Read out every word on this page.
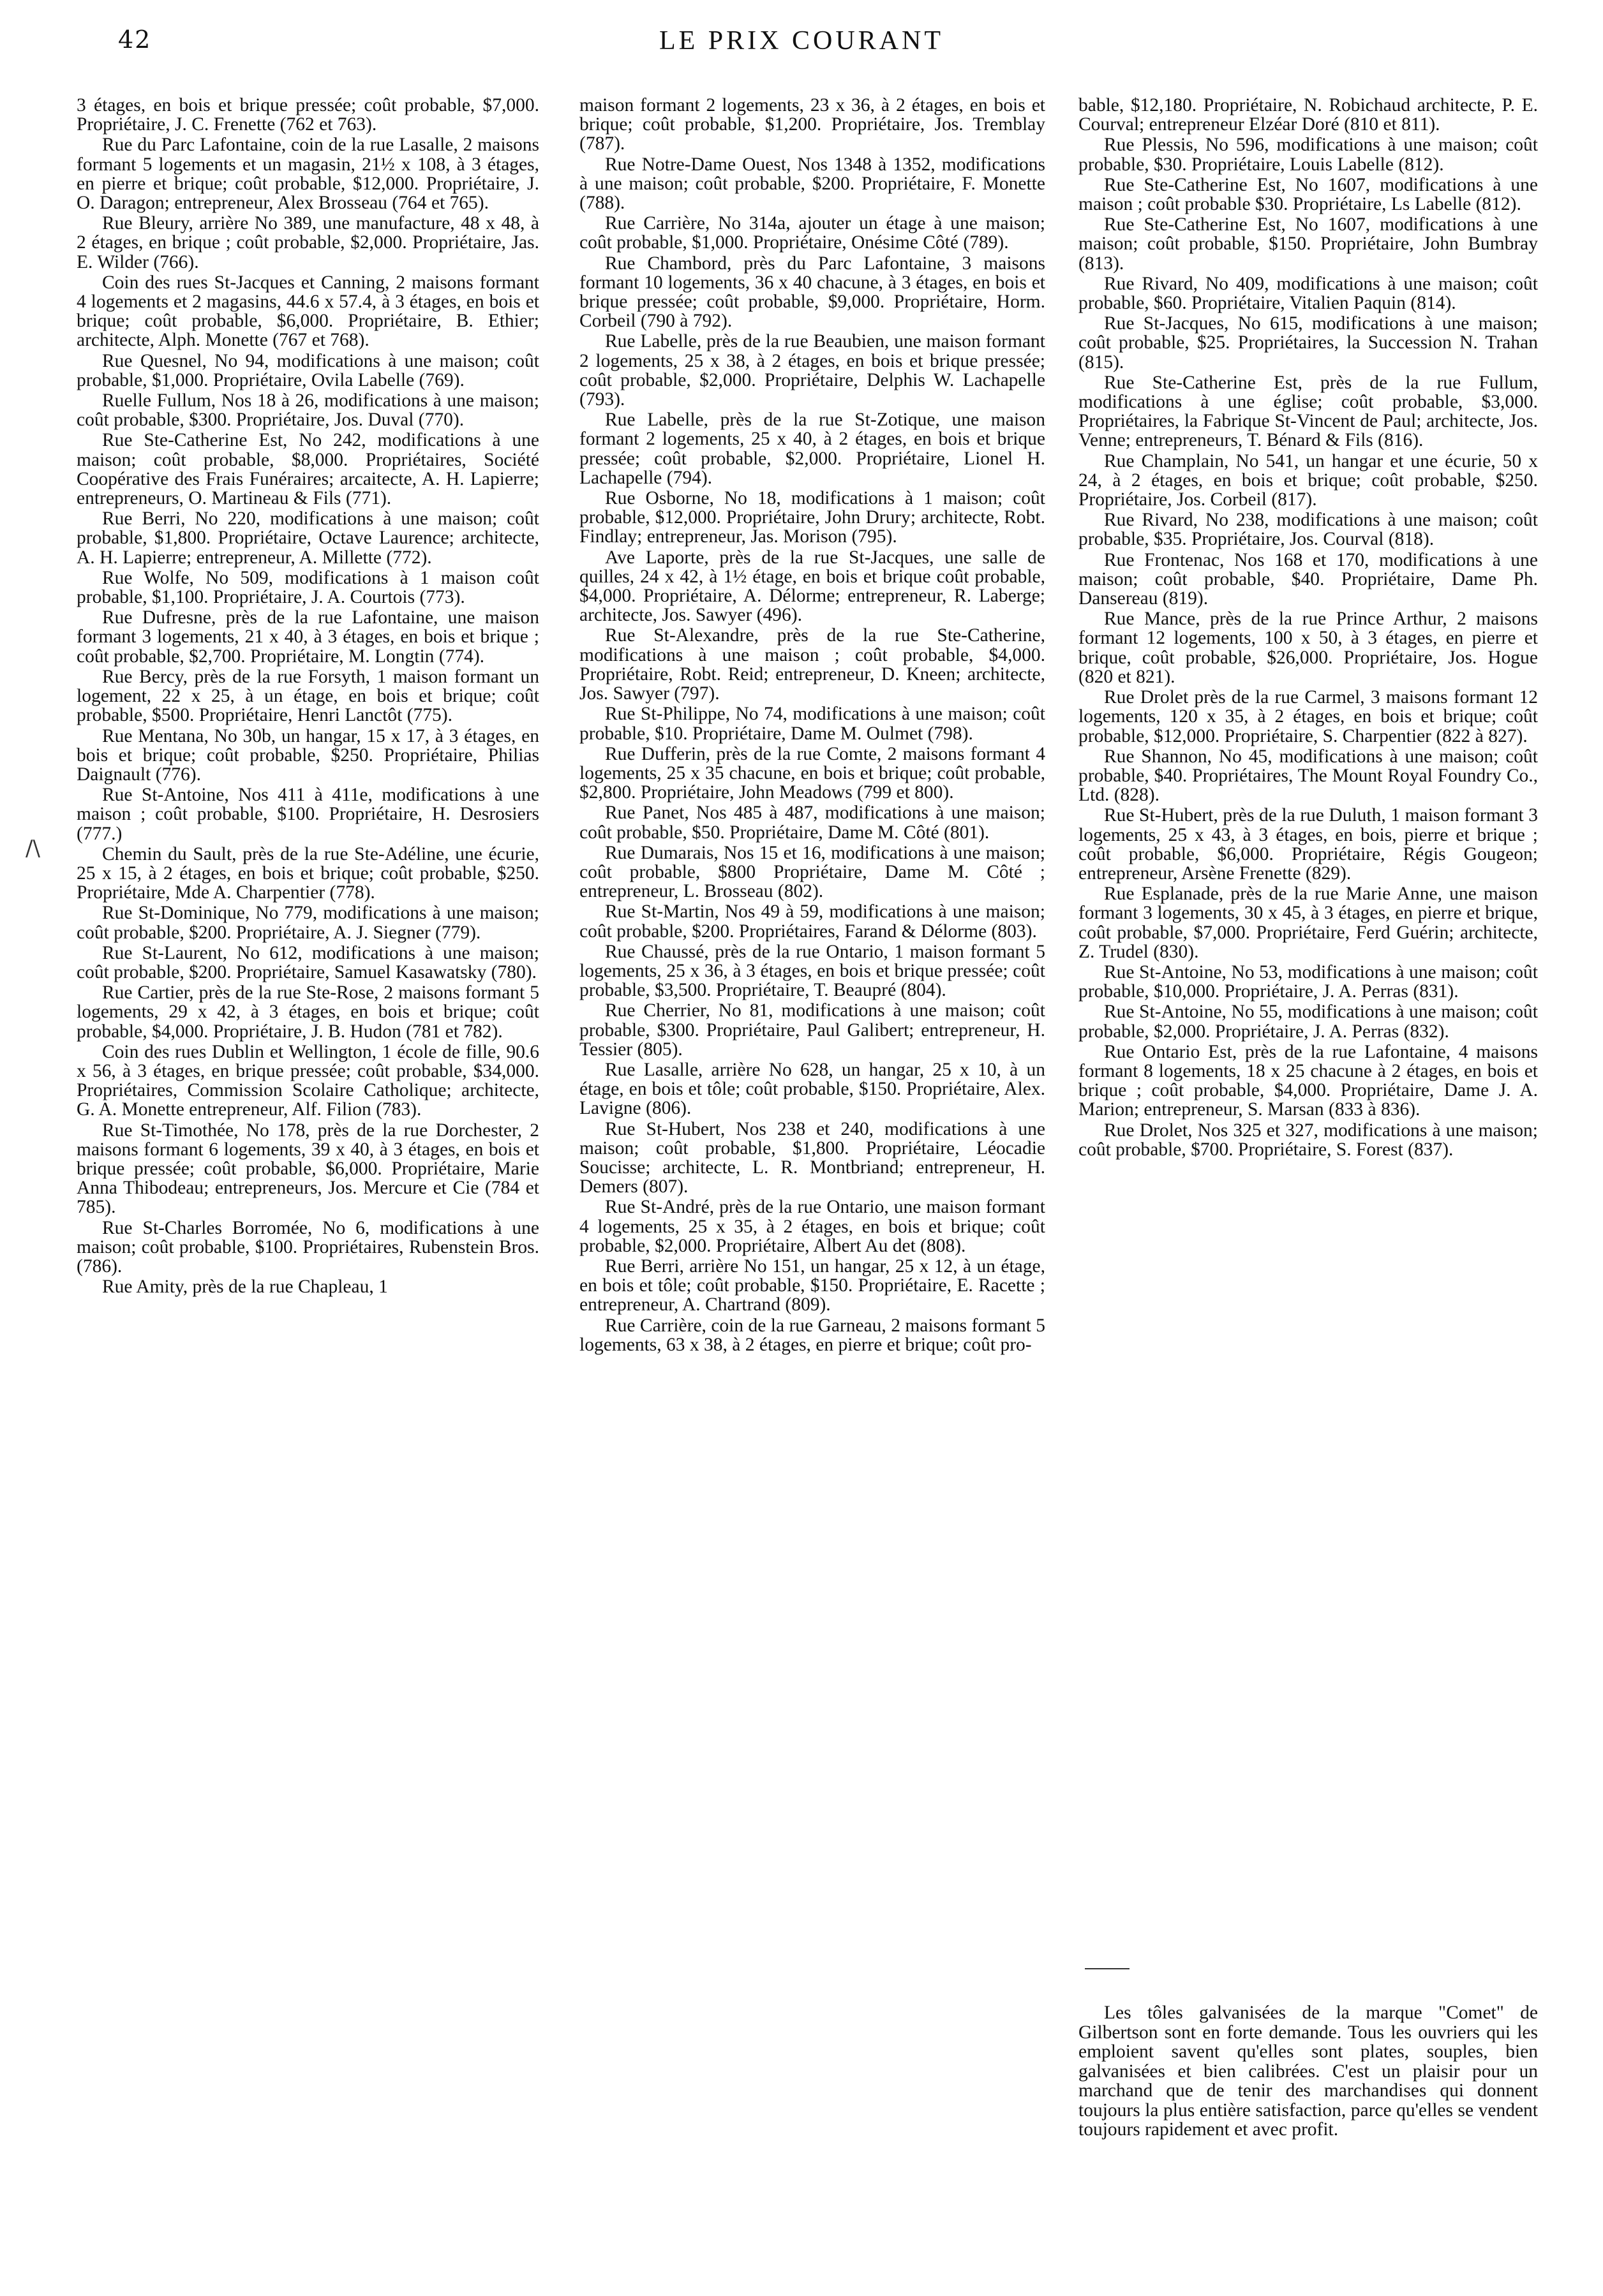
42	LE PRIX COURANT
/\

3 étages, en bois et brique pressée; coût probable, $7,000. Propriétaire, J. C. Frenette (762 et 763).

Rue du Parc Lafontaine, coin de la rue Lasalle, 2 maisons formant 5 logements et un magasin, 21½ x 108, à 3 étages, en pierre et brique; coût probable, $12,000. Propriétaire, J. O. Daragon; entrepreneur, Alex Brosseau (764 et 765).

Rue Bleury, arrière No 389, une manufacture, 48 x 48, à 2 étages, en brique ; coût probable, $2,000. Propriétaire, Jas. E. Wilder (766).

Coin des rues St-Jacques et Canning, 2 maisons formant 4 logements et 2 magasins, 44.6 x 57.4, à 3 étages, en bois et brique; coût probable, $6,000. Propriétaire, B. Ethier; architecte, Alph. Monette (767 et 768).

Rue Quesnel, No 94, modifications à une maison; coût probable, $1,000. Propriétaire, Ovila Labelle (769).

Ruelle Fullum, Nos 18 à 26, modifications à une maison; coût probable, $300. Propriétaire, Jos. Duval (770).

Rue Ste-Catherine Est, No 242, modifications à une maison; coût probable, $8,000. Propriétaires, Société Coopérative des Frais Funéraires; arcaitecte, A. H. Lapierre; entrepreneurs, O. Martineau & Fils (771).

Rue Berri, No 220, modifications à une maison; coût probable, $1,800. Propriétaire, Octave Laurence; architecte, A. H. Lapierre; entrepreneur, A. Millette (772).

Rue Wolfe, No 509, modifications à 1 maison coût probable, $1,100. Propriétaire, J. A. Courtois (773).

Rue Dufresne, près de la rue Lafontaine, une maison formant 3 logements, 21 x 40, à 3 étages, en bois et brique ; coût probable, $2,700. Propriétaire, M. Longtin (774).

Rue Bercy, près de la rue Forsyth, 1 maison formant un logement, 22 x 25, à un étage, en bois et brique; coût probable, $500. Propriétaire, Henri Lanctôt (775).

Rue Mentana, No 30b, un hangar, 15 x 17, à 3 étages, en bois et brique; coût probable, $250. Propriétaire, Philias Daignault (776).

Rue St-Antoine, Nos 411 à 411e, modifications à une maison ; coût probable, $100. Propriétaire, H. Desrosiers (777.)

Chemin du Sault, près de la rue Ste-Adéline, une écurie, 25 x 15, à 2 étages, en bois et brique; coût probable, $250. Propriétaire, Mde A. Charpentier (778).

Rue St-Dominique, No 779, modifications à une maison; coût probable, $200. Propriétaire, A. J. Siegner (779).

Rue St-Laurent, No 612, modifications à une maison; coût probable, $200. Propriétaire, Samuel Kasawatsky (780).

Rue Cartier, près de la rue Ste-Rose, 2 maisons formant 5 logements, 29 x 42, à 3 étages, en bois et brique; coût probable, $4,000. Propriétaire, J. B. Hudon (781 et 782).

Coin des rues Dublin et Wellington, 1 école de fille, 90.6 x 56, à 3 étages, en brique pressée; coût probable, $34,000. Propriétaires, Commission Scolaire Catholique; architecte, G. A. Monette entrepreneur, Alf. Filion (783).

Rue St-Timothée, No 178, près de la rue Dorchester, 2 maisons formant 6 logements, 39 x 40, à 3 étages, en bois et brique pressée; coût probable, $6,000. Propriétaire, Marie Anna Thibodeau; entrepreneurs, Jos. Mercure et Cie (784 et 785).

Rue St-Charles Borromée, No 6, modifications à une maison; coût probable, $100. Propriétaires, Rubenstein Bros. (786).

Rue Amity, près de la rue Chapleau, 1

maison formant 2 logements, 23 x 36, à 2 étages, en bois et brique; coût probable, $1,200. Propriétaire, Jos. Tremblay (787).

Rue Notre-Dame Ouest, Nos 1348 à 1352, modifications à une maison; coût probable, $200. Propriétaire, F. Monette (788).

Rue Carrière, No 314a, ajouter un étage à une maison; coût probable, $1,000. Propriétaire, Onésime Côté (789).

Rue Chambord, près du Parc Lafontaine, 3 maisons formant 10 logements, 36 x 40 chacune, à 3 étages, en bois et brique pressée; coût probable, $9,000. Propriétaire, Horm. Corbeil (790 à 792).

Rue Labelle, près de la rue Beaubien, une maison formant 2 logements, 25 x 38, à 2 étages, en bois et brique pressée; coût probable, $2,000. Propriétaire, Delphis W. Lachapelle (793).

Rue Labelle, près de la rue St-Zotique, une maison formant 2 logements, 25 x 40, à 2 étages, en bois et brique pressée; coût probable, $2,000. Propriétaire, Lionel H. Lachapelle (794).

Rue Osborne, No 18, modifications à 1 maison; coût probable, $12,000. Propriétaire, John Drury; architecte, Robt. Findlay; entrepreneur, Jas. Morison (795).

Ave Laporte, près de la rue St-Jacques, une salle de quilles, 24 x 42, à 1½ étage, en bois et brique coût probable, $4,000. Propriétaire, A. Délorme; entrepreneur, R. Laberge; architecte, Jos. Sawyer (496).

Rue St-Alexandre, près de la rue Ste-Catherine, modifications à une maison ; coût probable, $4,000. Propriétaire, Robt. Reid; entrepreneur, D. Kneen; architecte, Jos. Sawyer (797).

Rue St-Philippe, No 74, modifications à une maison; coût probable, $10. Propriétaire, Dame M. Oulmet (798).

Rue Dufferin, près de la rue Comte, 2 maisons formant 4 logements, 25 x 35 chacune, en bois et brique; coût probable, $2,800. Propriétaire, John Meadows (799 et 800).

Rue Panet, Nos 485 à 487, modifications à une maison; coût probable, $50. Propriétaire, Dame M. Côté (801).

Rue Dumarais, Nos 15 et 16, modifications à une maison; coût probable, $800 Propriétaire, Dame M. Côté ; entrepreneur, L. Brosseau (802).

Rue St-Martin, Nos 49 à 59, modifications à une maison; coût probable, $200. Propriétaires, Farand & Délorme (803).

Rue Chaussé, près de la rue Ontario, 1 maison formant 5 logements, 25 x 36, à 3 étages, en bois et brique pressée; coût probable, $3,500. Propriétaire, T. Beaupré (804).

Rue Cherrier, No 81, modifications à une maison; coût probable, $300. Propriétaire, Paul Galibert; entrepreneur, H. Tessier (805).

Rue Lasalle, arrière No 628, un hangar, 25 x 10, à un étage, en bois et tôle; coût probable, $150. Propriétaire, Alex. Lavigne (806).

Rue St-Hubert, Nos 238 et 240, modifications à une maison; coût probable, $1,800. Propriétaire, Léocadie Soucisse; architecte, L. R. Montbriand; entrepreneur, H. Demers (807).

Rue St-André, près de la rue Ontario, une maison formant 4 logements, 25 x 35, à 2 étages, en bois et brique; coût probable, $2,000. Propriétaire, Albert Au det (808).

Rue Berri, arrière No 151, un hangar, 25 x 12, à un étage, en bois et tôle; coût probable, $150. Propriétaire, E. Racette ; entrepreneur, A. Chartrand (809).

Rue Carrière, coin de la rue Garneau, 2 maisons formant 5 logements, 63 x 38, à 2 étages, en pierre et brique; coût pro-

bable, $12,180. Propriétaire, N. Robichaud architecte, P. E. Courval; entrepreneur Elzéar Doré (810 et 811).

Rue Plessis, No 596, modifications à une maison; coût probable, $30. Propriétaire, Louis Labelle (812).

Rue Ste-Catherine Est, No 1607, modifications à une maison ; coût probable $30. Propriétaire, Ls Labelle (812).

Rue Ste-Catherine Est, No 1607, modifications à une maison; coût probable, $150. Propriétaire, John Bumbray (813).

Rue Rivard, No 409, modifications à une maison; coût probable, $60. Propriétaire, Vitalien Paquin (814).

Rue St-Jacques, No 615, modifications à une maison; coût probable, $25. Propriétaires, la Succession N. Trahan (815).

Rue Ste-Catherine Est, près de la rue Fullum, modifications à une église; coût probable, $3,000. Propriétaires, la Fabrique St-Vincent de Paul; architecte, Jos. Venne; entrepreneurs, T. Bénard & Fils (816).

Rue Champlain, No 541, un hangar et une écurie, 50 x 24, à 2 étages, en bois et brique; coût probable, $250. Propriétaire, Jos. Corbeil (817).

Rue Rivard, No 238, modifications à une maison; coût probable, $35. Propriétaire, Jos. Courval (818).

Rue Frontenac, Nos 168 et 170, modifications à une maison; coût probable, $40. Propriétaire, Dame Ph. Dansereau (819).

Rue Mance, près de la rue Prince Arthur, 2 maisons formant 12 logements, 100 x 50, à 3 étages, en pierre et brique, coût probable, $26,000. Propriétaire, Jos. Hogue (820 et 821).

Rue Drolet près de la rue Carmel, 3 maisons formant 12 logements, 120 x 35, à 2 étages, en bois et brique; coût probable, $12,000. Propriétaire, S. Charpentier (822 à 827).

Rue Shannon, No 45, modifications à une maison; coût probable, $40. Propriétaires, The Mount Royal Foundry Co., Ltd. (828).

Rue St-Hubert, près de la rue Duluth, 1 maison formant 3 logements, 25 x 43, à 3 étages, en bois, pierre et brique ; coût probable, $6,000. Propriétaire, Régis Gougeon; entrepreneur, Arsène Frenette (829).

Rue Esplanade, près de la rue Marie Anne, une maison formant 3 logements, 30 x 45, à 3 étages, en pierre et brique, coût probable, $7,000. Propriétaire, Ferd Guérin; architecte, Z. Trudel (830).

Rue St-Antoine, No 53, modifications à une maison; coût probable, $10,000. Propriétaire, J. A. Perras (831).

Rue St-Antoine, No 55, modifications à une maison; coût probable, $2,000. Propriétaire, J. A. Perras (832).

Rue Ontario Est, près de la rue Lafontaine, 4 maisons formant 8 logements, 18 x 25 chacune à 2 étages, en bois et brique ; coût probable, $4,000. Propriétaire, Dame J. A. Marion; entrepreneur, S. Marsan (833 à 836).

Rue Drolet, Nos 325 et 327, modifications à une maison; coût probable, $700. Propriétaire, S. Forest (837).

Les tôles galvanisées de la marque "Comet" de Gilbertson sont en forte demande. Tous les ouvriers qui les emploient savent qu'elles sont plates, souples, bien galvanisées et bien calibrées. C'est un plaisir pour un marchand que de tenir des marchandises qui donnent toujours la plus entière satisfaction, parce qu'elles se vendent toujours rapidement et avec profit.
